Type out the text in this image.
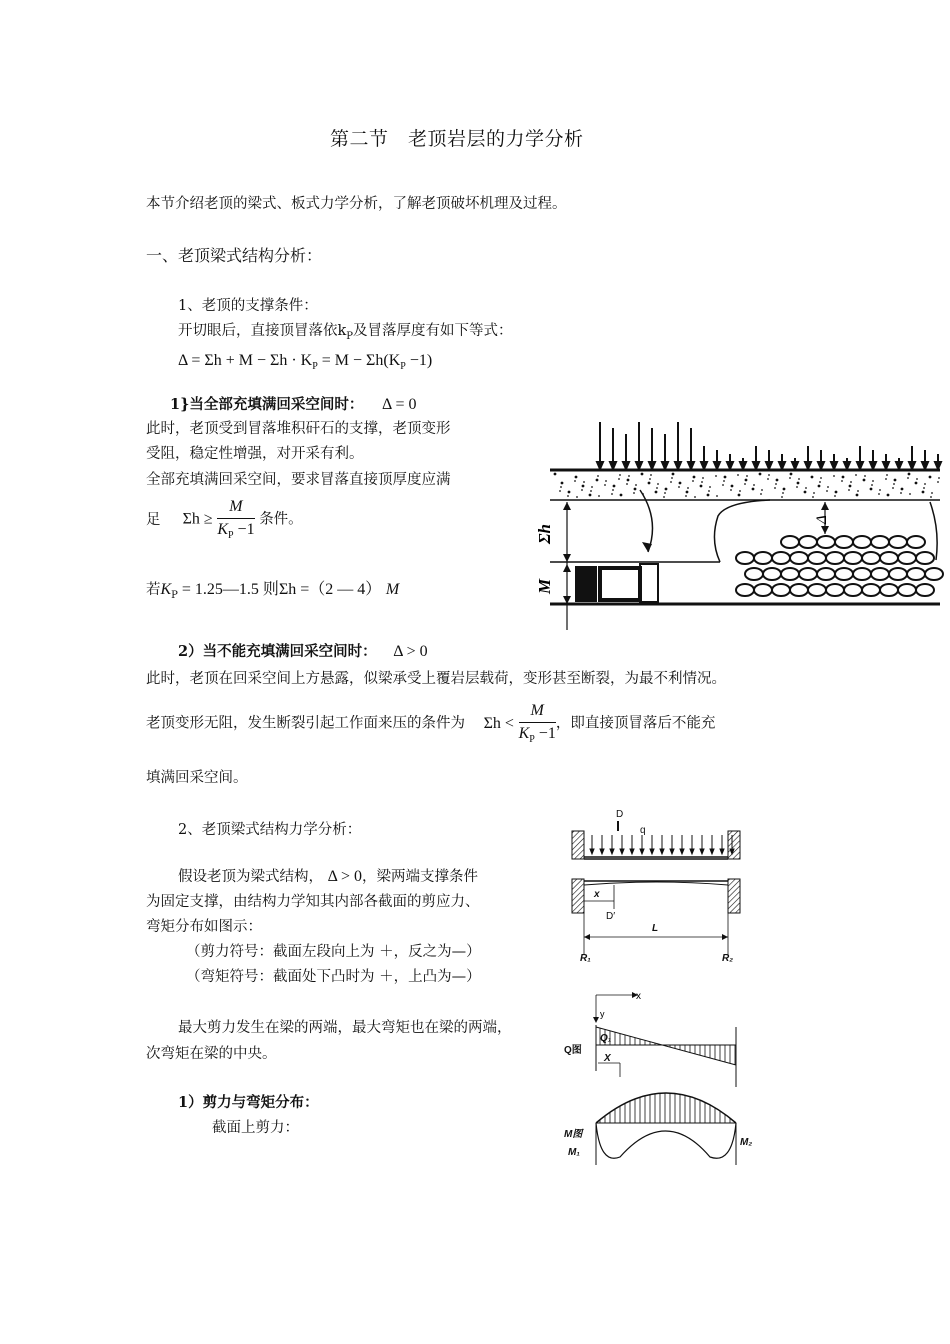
第二节　老顶岩层的力学分析
本节介绍老顶的梁式、板式力学分析，了解老顶破坏机理及过程。
一、老顶梁式结构分析：
1、老顶的支撑条件：
开切眼后，直接顶冒落依$k_P$及冒落厚度有如下等式：
$\Delta = \Sigma h + M - \Sigma h \cdot K_P = M - \Sigma h(K_P -1)$
1}当全部充填满回采空间时： Δ = 0
此时，老顶受到冒落堆积矸石的支撑，老顶变形
受阻，稳定性增强，对开采有利。
全部充填满回采空间，要求冒落直接顶厚度应满
足 $\Sigma h \ge \frac{M}{K_P -1}$ 条件。
若$K_P$ = 1.25—1.5 则Σh =（2 — 4） M
2）当不能充填满回采空间时： Δ > 0
此时，老顶在回采空间上方悬露，似梁承受上覆岩层载荷，变形甚至断裂，为最不利情况。
老顶变形无阻，发生断裂引起工作面来压的条件为 $\Sigma h < \frac{M}{K_P -1}$ ，即直接顶冒落后不能充
填满回采空间。
2、老顶梁式结构力学分析：
假设老顶为梁式结构， Δ > 0，梁两端支撑条件
为固定支撑，由结构力学知其内部各截面的剪应力、
弯矩分布如图示：
（剪力符号：截面左段向上为 ＋，反之为—）
（弯矩符号：截面处下凸时为 ＋，上凸为—）
最大剪力发生在梁的两端，最大弯矩也在梁的两端，
次弯矩在梁的中央。
1）剪力与弯矩分布：
截面上剪力：
Σh
M
Δ
D
q
x
D′
L
R₁	R₂
x
y
Q图
Q₁
X
M图
M₁
M₂
